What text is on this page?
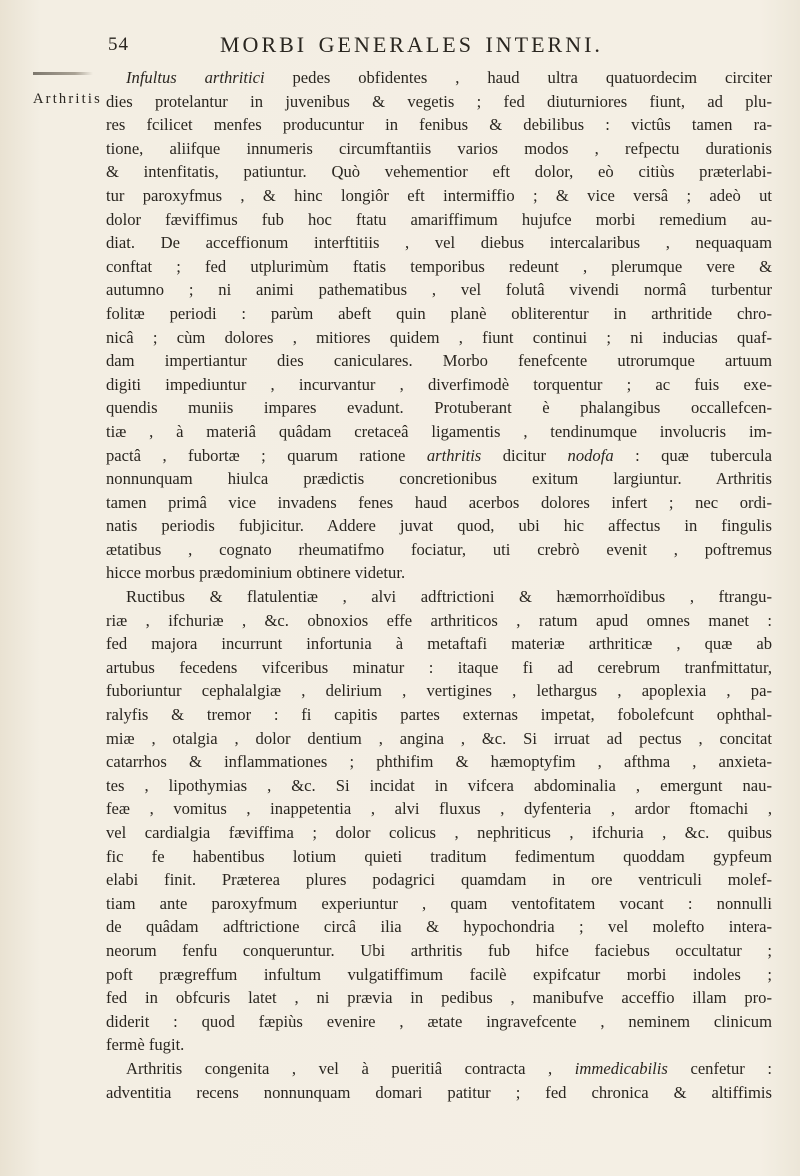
54	MORBI GENERALES INTERNI.
Arthritis
Infultus arthritici pedes obfidentes , haud ultra quatuordecim circiter
dies protelantur in juvenibus & vegetis ; fed diuturniores fiunt, ad plu-
res fcilicet menfes producuntur in fenibus & debilibus : victûs tamen ra-
tione, aliifque innumeris circumftantiis varios modos , refpectu durationis
& intenfitatis, patiuntur. Quò vehementior eft dolor, eò citiùs præterlabi-
tur paroxyfmus , & hinc longiôr eft intermiffio ; & vice versâ ; adeò ut
dolor fæviffimus fub hoc ftatu amariffimum hujufce morbi remedium au-
diat. De acceffionum interftitiis , vel diebus intercalaribus , nequaquam
conftat ; fed utplurimùm ftatis temporibus redeunt , plerumque vere &
autumno ; ni animi pathematibus , vel folutâ vivendi normâ turbentur
folitæ periodi : parùm abeft quin planè obliterentur in arthritide chro-
nicâ ; cùm dolores , mitiores quidem , fiunt continui ; ni inducias quaf-
dam impertiantur dies caniculares. Morbo fenefcente utrorumque artuum
digiti impediuntur , incurvantur , diverfimodè torquentur ; ac fuis exe-
quendis muniis impares evadunt. Protuberant è phalangibus occallefcen-
tiæ , à materiâ quâdam cretaceâ ligamentis , tendinumque involucris im-
pactâ , fubortæ ; quarum ratione arthritis dicitur nodofa : quæ tubercula
nonnunquam hiulca prædictis concretionibus exitum largiuntur. Arthritis
tamen primâ vice invadens fenes haud acerbos dolores infert ; nec ordi-
natis periodis fubjicitur. Addere juvat quod, ubi hic affectus in fingulis
ætatibus , cognato rheumatifmo fociatur, uti crebrò evenit , poftremus
hicce morbus prædominium obtinere videtur.
Ructibus & flatulentiæ , alvi adftrictioni & hæmorrhoïdibus , ftrangu-
riæ , ifchuriæ , &c. obnoxios effe arthriticos , ratum apud omnes manet :
fed majora incurrunt infortunia à metaftafi materiæ arthriticæ , quæ ab
artubus fecedens vifceribus minatur : itaque fi ad cerebrum tranfmittatur,
fuboriuntur cephalalgiæ , delirium , vertigines , lethargus , apoplexia , pa-
ralyfis & tremor : fi capitis partes externas impetat, fobolefcunt ophthal-
miæ , otalgia , dolor dentium , angina , &c. Si irruat ad pectus , concitat
catarrhos & inflammationes ; phthifim & hæmoptyfim , afthma , anxieta-
tes , lipothymias , &c. Si incidat in vifcera abdominalia , emergunt nau-
feæ , vomitus , inappetentia , alvi fluxus , dyfenteria , ardor ftomachi ,
vel cardialgia fæviffima ; dolor colicus , nephriticus , ifchuria , &c. quibus
fic fe habentibus lotium quieti traditum fedimentum quoddam gypfeum
elabi finit. Præterea plures podagrici quamdam in ore ventriculi molef-
tiam ante paroxyfmum experiuntur , quam ventofitatem vocant : nonnulli
de quâdam adftrictione circâ ilia & hypochondria ; vel molefto intera-
neorum fenfu conqueruntur. Ubi arthritis fub hifce faciebus occultatur ;
poft prægreffum infultum vulgatiffimum facilè expifcatur morbi indoles ;
fed in obfcuris latet , ni prævia in pedibus , manibufve acceffio illam pro-
diderit : quod fæpiùs evenire , ætate ingravefcente , neminem clinicum
fermè fugit.
Arthritis congenita , vel à pueritiâ contracta , immedicabilis cenfetur :
adventitia recens nonnunquam domari patitur ; fed chronica & altiffimis
